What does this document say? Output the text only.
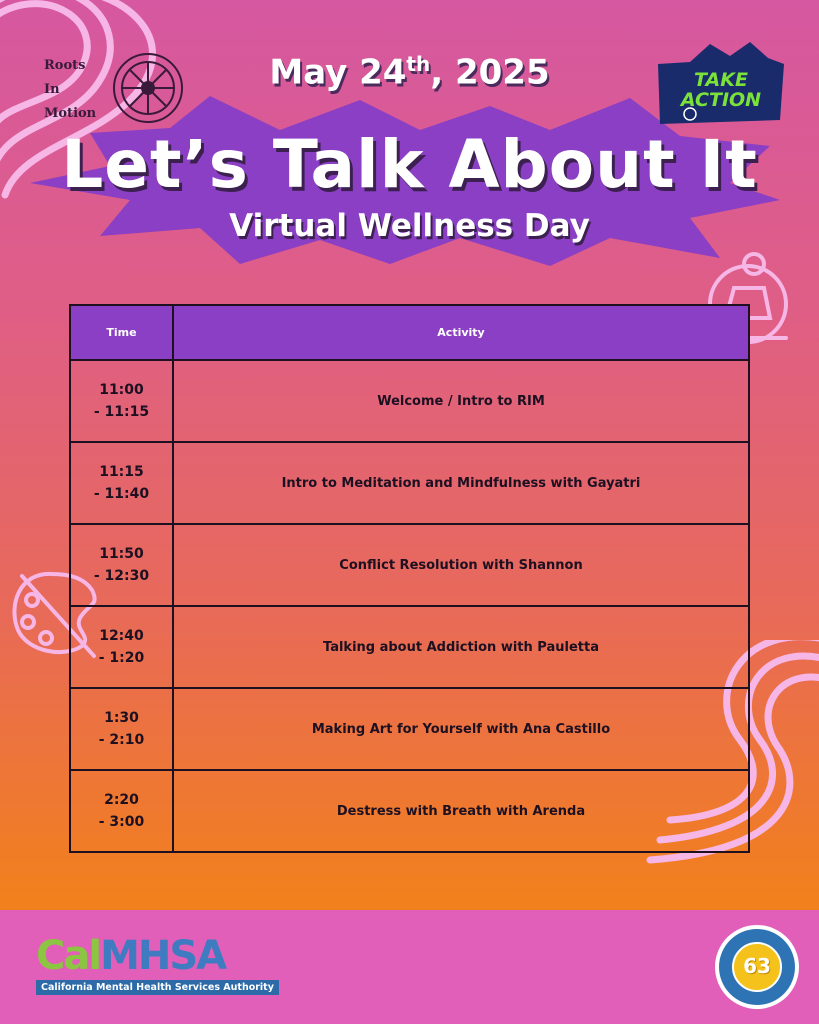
Roots In Motion
TAKE ACTION
May 24th, 2025
Let’s Talk About It
Virtual Wellness Day
Time	Activity

11:00
- 11:15	Welcome / Intro to RIM

11:15
- 11:40	Intro to Meditation and Mindfulness with Gayatri

11:50
- 12:30	Conflict Resolution with Shannon

12:40
- 1:20	Talking about Addiction with Pauletta

1:30
- 2:10	Making Art for Yourself with Ana Castillo

2:20
- 3:00	Destress with Breath with Arenda
CalMHSA
California Mental Health Services Authority
63
